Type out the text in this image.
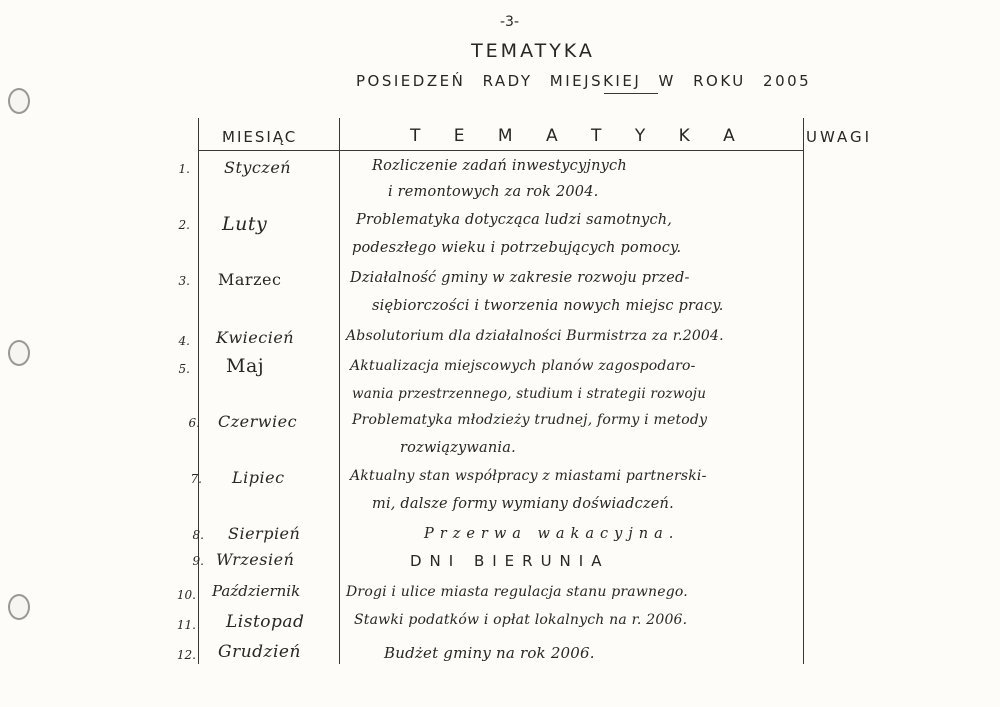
-3-
TEMATYKA
POSIEDZEŃ RADY MIEJSKIEJ W ROKU 2005
MIESIĄC	T E M A T Y K A	UWAGI
1. Styczeń	Rozliczenie zadań inwestycyjnych
i remontowych za rok 2004.
2. Luty	Problematyka dotycząca ludzi samotnych,
podeszłego wieku i potrzebujących pomocy.
3. Marzec	Działalność gminy w zakresie rozwoju przed-
siębiorczości i tworzenia nowych miejsc pracy.
4. Kwiecień	Absolutorium dla działalności Burmistrza za r.2004.
5. Maj	Aktualizacja miejscowych planów zagospodaro-
wania przestrzennego, studium i strategii rozwoju
6. Czerwiec	Problematyka młodzieży trudnej, formy i metody
rozwiązywania.
7. Lipiec	Aktualny stan współpracy z miastami partnerski-
mi, dalsze formy wymiany doświadczeń.
8. Sierpień	Przerwa wakacyjna.
9. Wrzesień	DNI BIERUNIA
10. Październik	Drogi i ulice miasta regulacja stanu prawnego.
11. Listopad	Stawki podatków i opłat lokalnych na r. 2006.
12. Grudzień	Budżet gminy na rok 2006.
